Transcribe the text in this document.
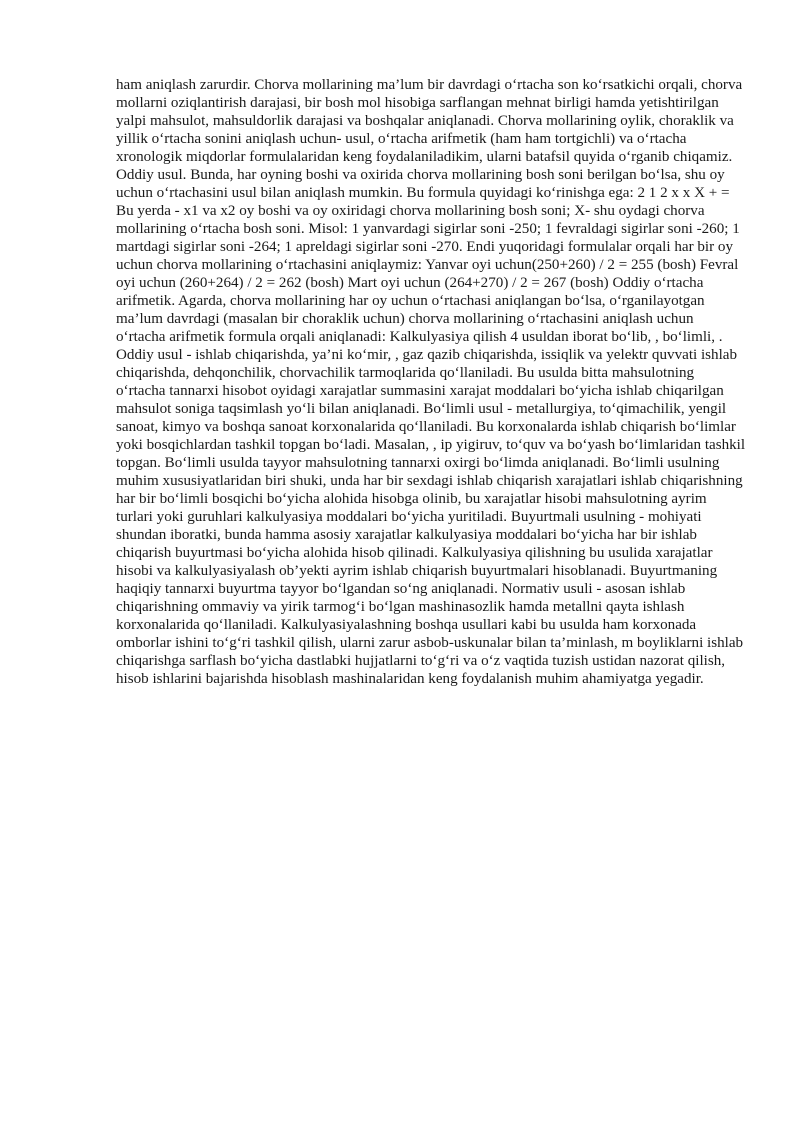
ham aniqlash zarurdir. Chorva mollarining ma’lum bir davrdagi o‘rtacha son ko‘rsatkichi orqali, chorva mollarni oziqlantirish darajasi, bir bosh mol hisobiga sarflangan mehnat birligi hamda yetishtirilgan yalpi mahsulot, mahsuldorlik darajasi va boshqalar aniqlanadi. Chorva mollarining oylik, choraklik va yillik o‘rtacha sonini aniqlash uchun- usul, o‘rtacha arifmetik (ham ham tortgichli) va o‘rtacha xronologik miqdorlar formulalaridan keng foydalaniladikim, ularni batafsil quyida o‘rganib chiqamiz. Oddiy usul. Bunda, har oyning boshi va oxirida chorva mollarining bosh soni berilgan bo‘lsa, shu oy uchun o‘rtachasini usul bilan aniqlash mumkin. Bu formula quyidagi ko‘rinishga ega: 2 1 2 x x X + = Bu yerda - x1 va x2 oy boshi va oy oxiridagi chorva mollarining bosh soni; X- shu oydagi chorva mollarining o‘rtacha bosh soni. Misol: 1 yanvardagi sigirlar soni -250; 1 fevraldagi sigirlar soni -260; 1 martdagi sigirlar soni -264; 1 apreldagi sigirlar soni -270. Endi yuqoridagi formulalar orqali har bir oy uchun chorva mollarining o‘rtachasini aniqlaymiz: Yanvar oyi uchun(250+260) / 2 = 255 (bosh) Fevral oyi uchun (260+264) / 2 = 262 (bosh) Mart oyi uchun (264+270) / 2 = 267 (bosh) Oddiy o‘rtacha arifmetik. Agarda, chorva mollarining har oy uchun o‘rtachasi aniqlangan bo‘lsa, o‘rganilayotgan ma’lum davrdagi (masalan bir choraklik uchun) chorva mollarining o‘rtachasini aniqlash uchun o‘rtacha arifmetik formula orqali aniqlanadi: Kalkulyasiya qilish 4 usuldan iborat bo‘lib, , bo‘limli, . Oddiy usul - ishlab chiqarishda, ya’ni ko‘mir, , gaz qazib chiqarishda, issiqlik va yelektr quvvati ishlab chiqarishda, dehqonchilik, chorvachilik tarmoqlarida qo‘llaniladi. Bu usulda bitta mahsulotning o‘rtacha tannarxi hisobot oyidagi xarajatlar summasini xarajat moddalari bo‘yicha ishlab chiqarilgan mahsulot soniga taqsimlash yo‘li bilan aniqlanadi. Bo‘limli usul - metallurgiya, to‘qimachilik, yengil sanoat, kimyo va boshqa sanoat korxonalarida qo‘llaniladi. Bu korxonalarda ishlab chiqarish bo‘limlar yoki bosqichlardan tashkil topgan bo‘ladi. Masalan, , ip yigiruv, to‘quv va bo‘yash bo‘limlaridan tashkil topgan. Bo‘limli usulda tayyor mahsulotning tannarxi oxirgi bo‘limda aniqlanadi. Bo‘limli usulning muhim xususiyatlaridan biri shuki, unda har bir sexdagi ishlab chiqarish xarajatlari ishlab chiqarishning har bir bo‘limli bosqichi bo‘yicha alohida hisobga olinib, bu xarajatlar hisobi mahsulotning ayrim turlari yoki guruhlari kalkulyasiya moddalari bo‘yicha yuritiladi. Buyurtmali usulning - mohiyati shundan iboratki, bunda hamma asosiy xarajatlar kalkulyasiya moddalari bo‘yicha har bir ishlab chiqarish buyurtmasi bo‘yicha alohida hisob qilinadi. Kalkulyasiya qilishning bu usulida xarajatlar hisobi va kalkulyasiyalash ob’yekti ayrim ishlab chiqarish buyurtmalari hisoblanadi. Buyurtmaning haqiqiy tannarxi buyurtma tayyor bo‘lgandan so‘ng aniqlanadi. Normativ usuli - asosan ishlab chiqarishning ommaviy va yirik tarmog‘i bo‘lgan mashinasozlik hamda metallni qayta ishlash korxonalarida qo‘llaniladi. Kalkulyasiyalashning boshqa usullari kabi bu usulda ham korxonada omborlar ishini to‘g‘ri tashkil qilish, ularni zarur asbob-uskunalar bilan ta’minlash, m boyliklarni ishlab chiqarishga sarflash bo‘yicha dastlabki hujjatlarni to‘g‘ri va o‘z vaqtida tuzish ustidan nazorat qilish, hisob ishlarini bajarishda hisoblash mashinalaridan keng foydalanish muhim ahamiyatga yegadir.
